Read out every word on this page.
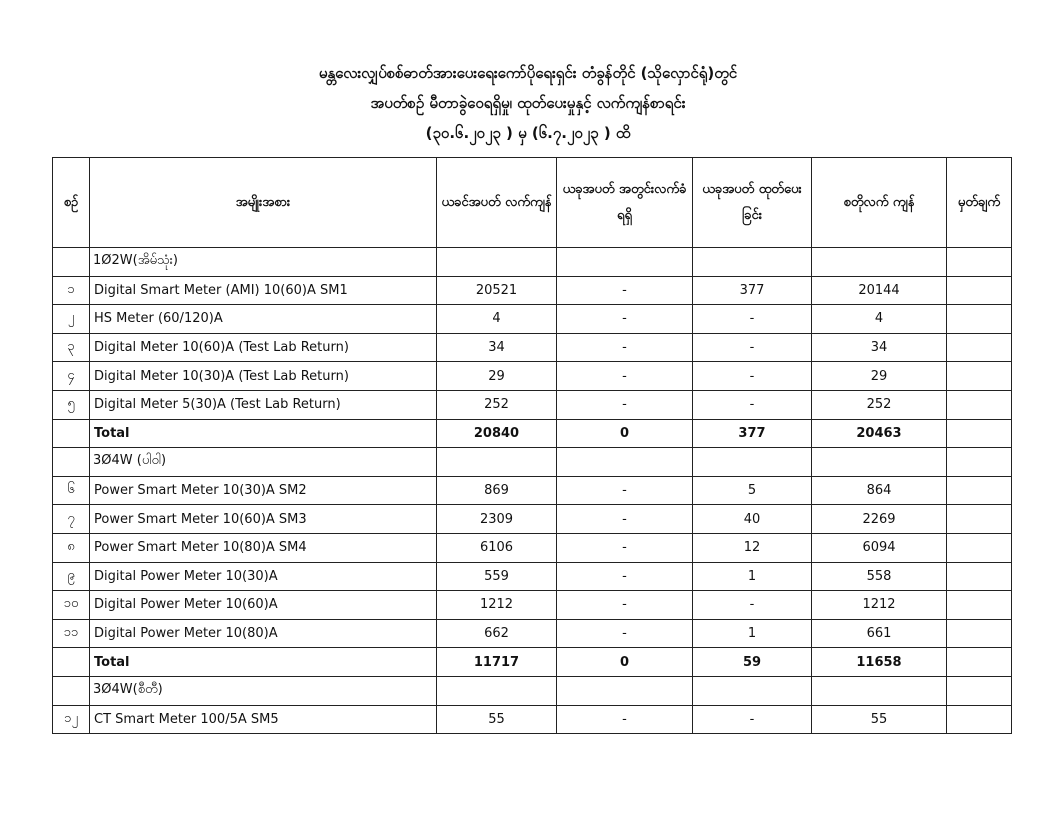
မန္တလေးလျှပ်စစ်ဓာတ်အားပေးရေးကော်ပိုရေးရှင်း တံခွန်တိုင် (သိုလှောင်ရုံ)တွင်
အပတ်စဉ် မီတာခွဲဝေရရှိမှု၊ ထုတ်ပေးမှုနှင့် လက်ကျန်စာရင်း
(၃၀.၆.၂၀၂၃ ) မှ (၆.၇.၂၀၂၃ ) ထိ
စဉ်	အမျိုးအစား	ယခင်အပတ် လက်ကျန်	ယခုအပတ် အတွင်းလက်ခံ ရရှိ	ယခုအပတ် ထုတ်ပေးခြင်း	စတိုလက် ကျန်	မှတ်ချက်
	1Ø2W(အိမ်သုံး)					
၁	Digital Smart Meter (AMI) 10(60)A SM1	20521	-	377	20144	
၂	HS Meter (60/120)A	4	-	-	4	
၃	Digital Meter 10(60)A (Test Lab Return)	34	-	-	34	
၄	Digital Meter 10(30)A (Test Lab Return)	29	-	-	29	
၅	Digital Meter 5(30)A (Test Lab Return)	252	-	-	252	
	Total	20840	0	377	20463	
	3Ø4W (ပါဝါ)					
၆	Power Smart Meter 10(30)A SM2	869	-	5	864	
၇	Power Smart Meter 10(60)A SM3	2309	-	40	2269	
၈	Power Smart Meter 10(80)A SM4	6106	-	12	6094	
၉	Digital Power Meter 10(30)A	559	-	1	558	
၁၀	Digital Power Meter 10(60)A	1212	-	-	1212	
၁၁	Digital Power Meter 10(80)A	662	-	1	661	
	Total	11717	0	59	11658	
	3Ø4W(စီတီ)					
၁၂	CT Smart Meter 100/5A SM5	55	-	-	55	
